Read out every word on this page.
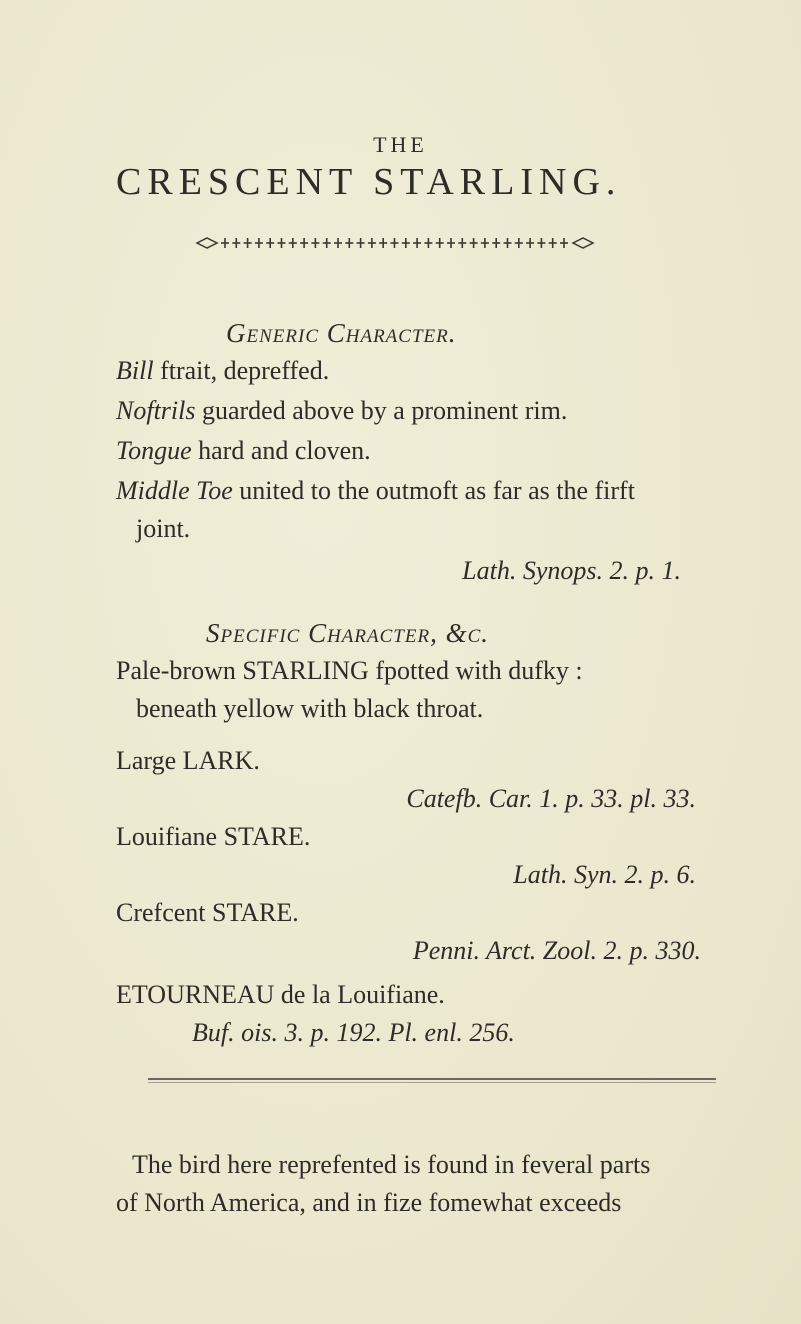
THE
CRESCENT STARLING.
Generic Character.
Bill ftrait, depreffed.
Noftrils guarded above by a prominent rim.
Tongue hard and cloven.
Middle Toe united to the outmoft as far as the firft
joint.
Lath. Synops. 2. p. 1.
Specific Character, &c.
Pale-brown STARLING fpotted with dufky :
beneath yellow with black throat.
Large LARK.
Catefb. Car. 1. p. 33. pl. 33.
Louifiane STARE.
Lath. Syn. 2. p. 6.
Crefcent STARE.
Penni. Arct. Zool. 2. p. 330.
ETOURNEAU de la Louifiane.
Buf. ois. 3. p. 192. Pl. enl. 256.
The bird here reprefented is found in feveral parts
of North America, and in fize fomewhat exceeds
